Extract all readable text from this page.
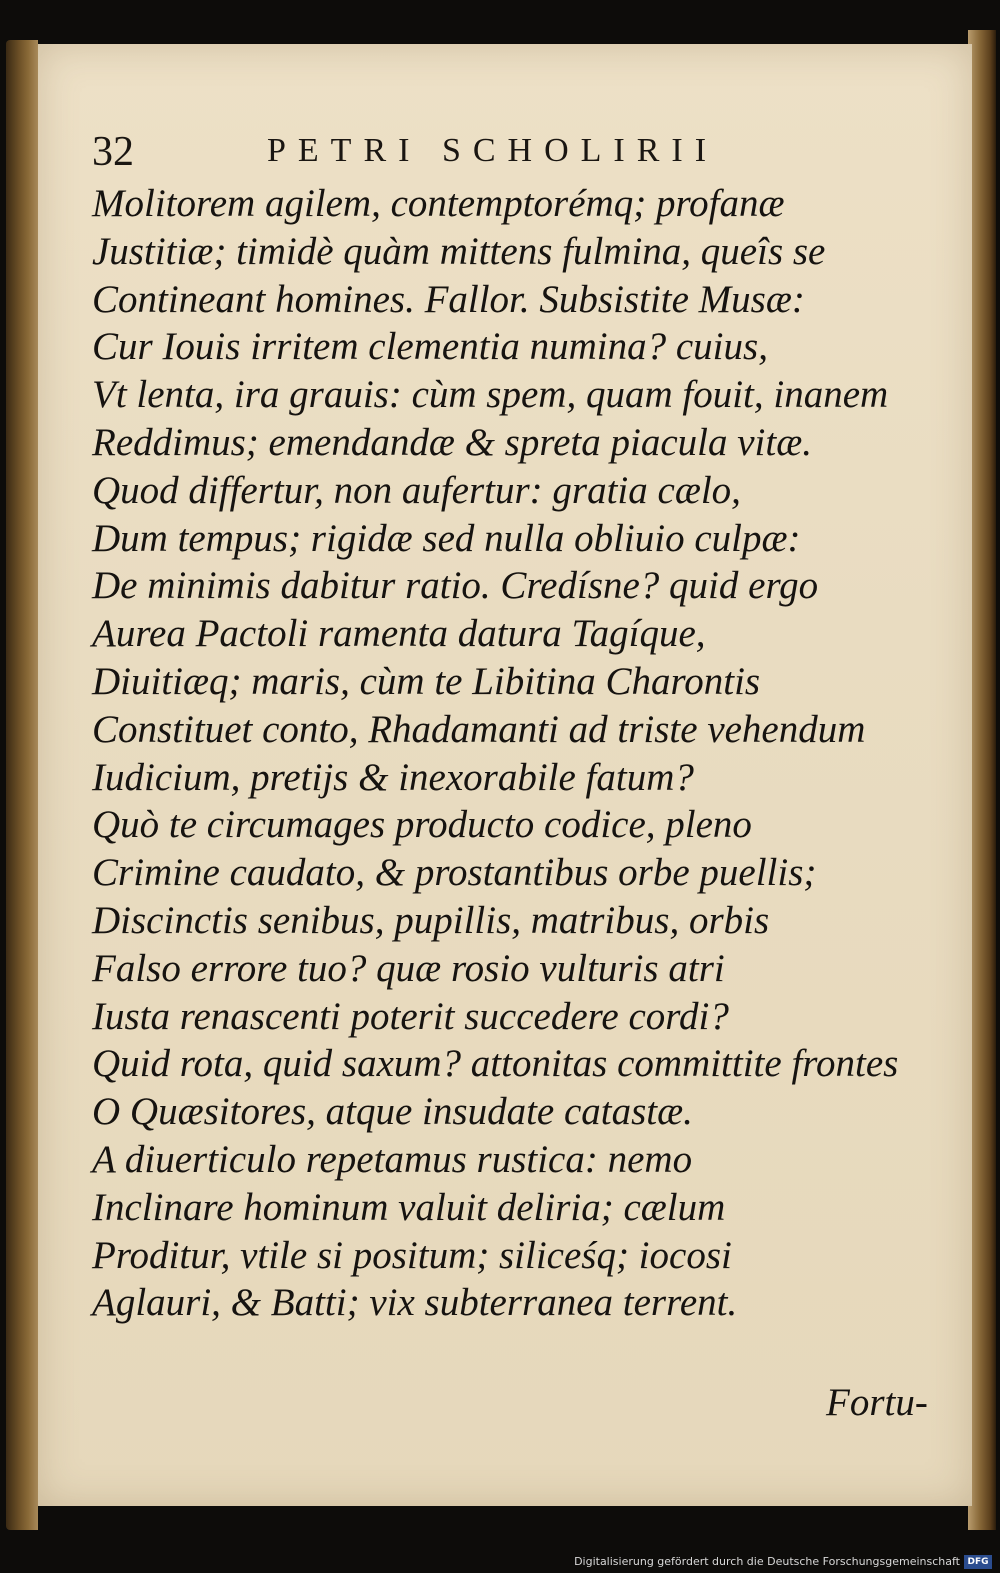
32	PETRI SCHOLIRII
Molitorem agilem, contemptorémq; profanæ
Justitiæ; timidè quàm mittens fulmina, queîs se
Contineant homines. Fallor. Subsistite Musæ:
Cur Iouis irritem clementia numina? cuius,
Vt lenta, ira grauis: cùm spem, quam fouit, inanem
Reddimus; emendandæ & spreta piacula vitæ.
Quod differtur, non aufertur: gratia cælo,
Dum tempus; rigidæ sed nulla obliuio culpæ:
De minimis dabitur ratio. Credísne? quid ergo
Aurea Pactoli ramenta datura Tagíque,
Diuitiæq; maris, cùm te Libitina Charontis
Constituet conto, Rhadamanti ad triste vehendum
Iudicium, pretijs & inexorabile fatum?
Quò te circumages producto codice, pleno
Crimine caudato, & prostantibus orbe puellis;
Discinctis senibus, pupillis, matribus, orbis
Falso errore tuo? quæ rosio vulturis atri
Iusta renascenti poterit succedere cordi?
Quid rota, quid saxum? attonitas committite frontes
O Quæsitores, atque insudate catastæ.
A diuerticulo repetamus rustica: nemo
Inclinare hominum valuit deliria; cælum
Proditur, vtile si positum; siliceśq; iocosi
Aglauri, & Batti; vix subterranea terrent.
Fortu-
Digitalisierung gefördert durch die Deutsche Forschungsgemeinschaft DFG
